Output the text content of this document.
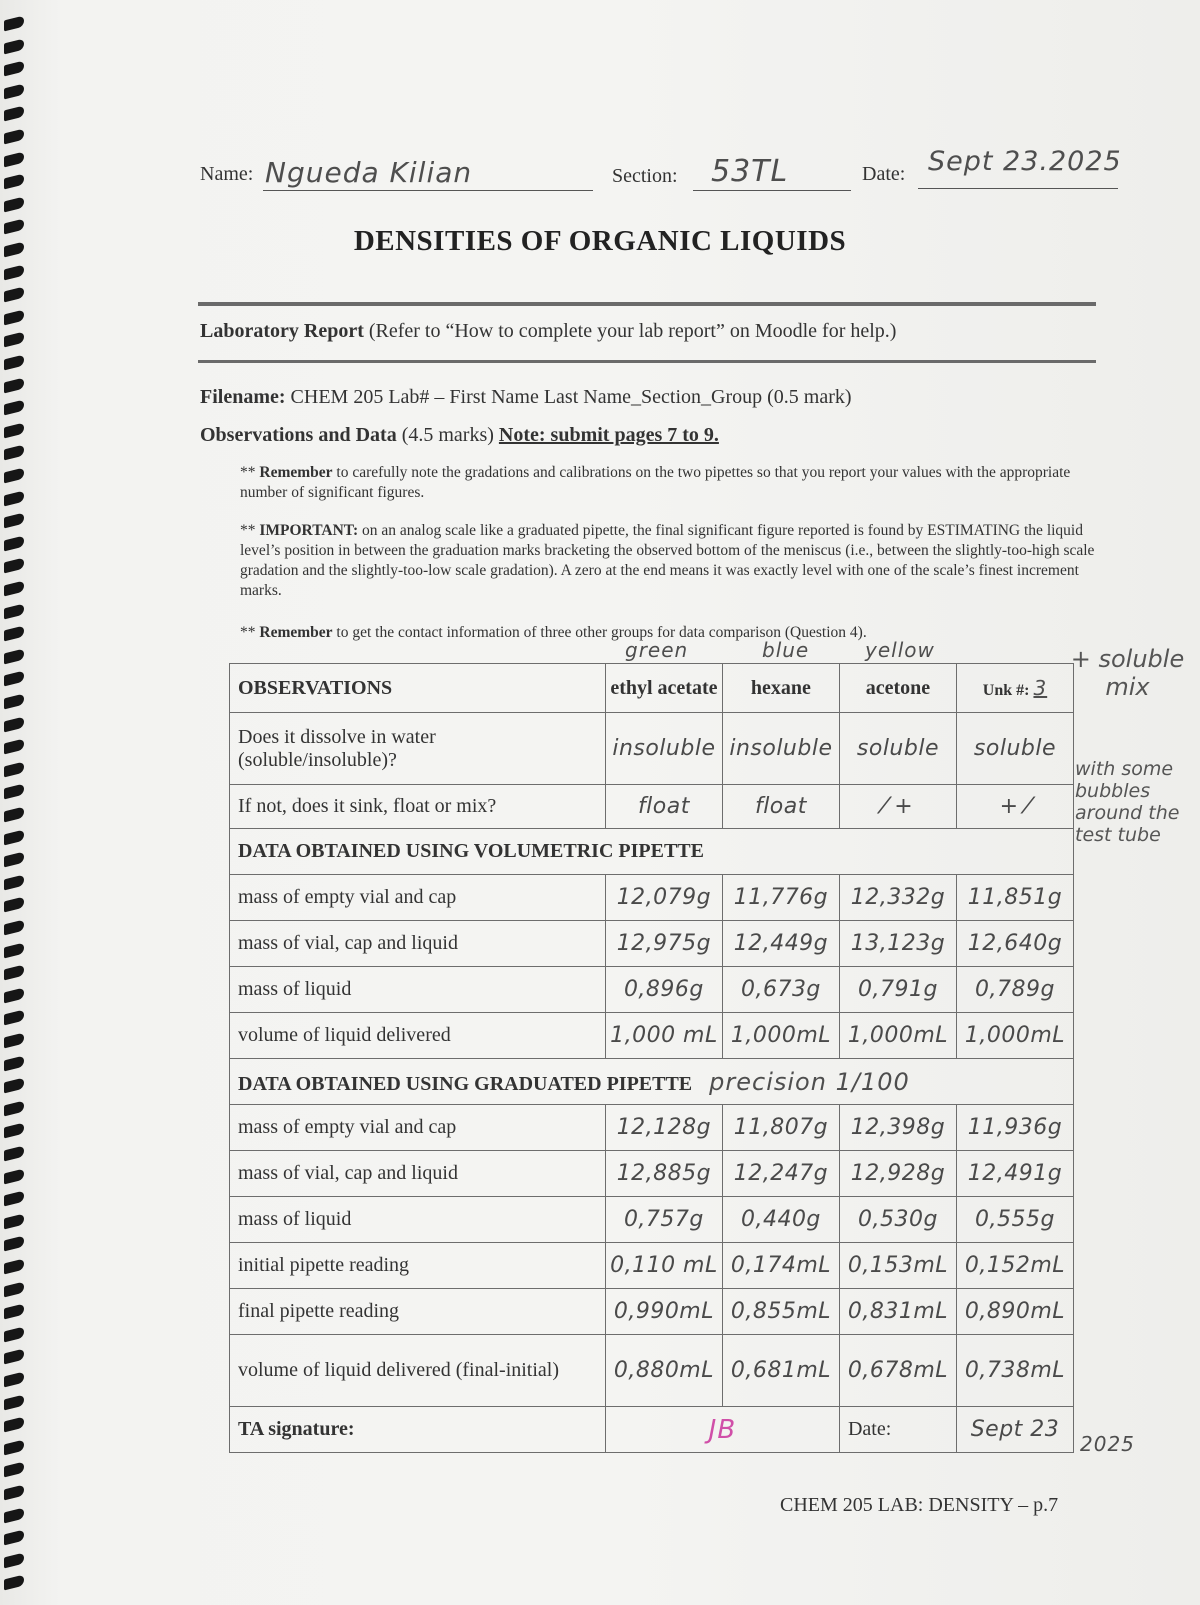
Name: Ngueda Kilian	Section: 53TL	Date: Sept 23.2025
DENSITIES OF ORGANIC LIQUIDS
Laboratory Report (Refer to “How to complete your lab report” on Moodle for help.)
Filename: CHEM 205 Lab# – First Name Last Name_Section_Group (0.5 mark)
Observations and Data (4.5 marks) Note: submit pages 7 to 9.
** Remember to carefully note the gradations and calibrations on the two pipettes so that you report your values with the appropriate number of significant figures.
** IMPORTANT: on an analog scale like a graduated pipette, the final significant figure reported is found by ESTIMATING the liquid level’s position in between the graduation marks bracketing the observed bottom of the meniscus (i.e., between the slightly-too-high scale gradation and the slightly-too-low scale gradation). A zero at the end means it was exactly level with one of the scale’s finest increment marks.
** Remember to get the contact information of three other groups for data comparison (Question 4).
green	blue	yellow
OBSERVATIONS	ethyl acetate	hexane	acetone	Unk #: 3
Does it dissolve in water (soluble/insoluble)?	insoluble	insoluble	soluble	soluble
If not, does it sink, float or mix?	float	float	⁄ +	+ ⁄
DATA OBTAINED USING VOLUMETRIC PIPETTE				
mass of empty vial and cap	12,079g	11,776g	12,332g	11,851g
mass of vial, cap and liquid	12,975g	12,449g	13,123g	12,640g
mass of liquid	0,896g	0,673g	0,791g	0,789g
volume of liquid delivered	1,000 mL	1,000mL	1,000mL	1,000mL
DATA OBTAINED USING GRADUATED PIPETTE precision 1/100				
mass of empty vial and cap	12,128g	11,807g	12,398g	11,936g
mass of vial, cap and liquid	12,885g	12,247g	12,928g	12,491g
mass of liquid	0,757g	0,440g	0,530g	0,555g
initial pipette reading	0,110 mL	0,174mL	0,153mL	0,152mL
final pipette reading	0,990mL	0,855mL	0,831mL	0,890mL
volume of liquid delivered (final-initial)	0,880mL	0,681mL	0,678mL	0,738mL
TA signature:	JB		Date:	Sept 23
2025
+ soluble mix
with some bubbles around the test tube
CHEM 205 LAB: DENSITY – p.7
